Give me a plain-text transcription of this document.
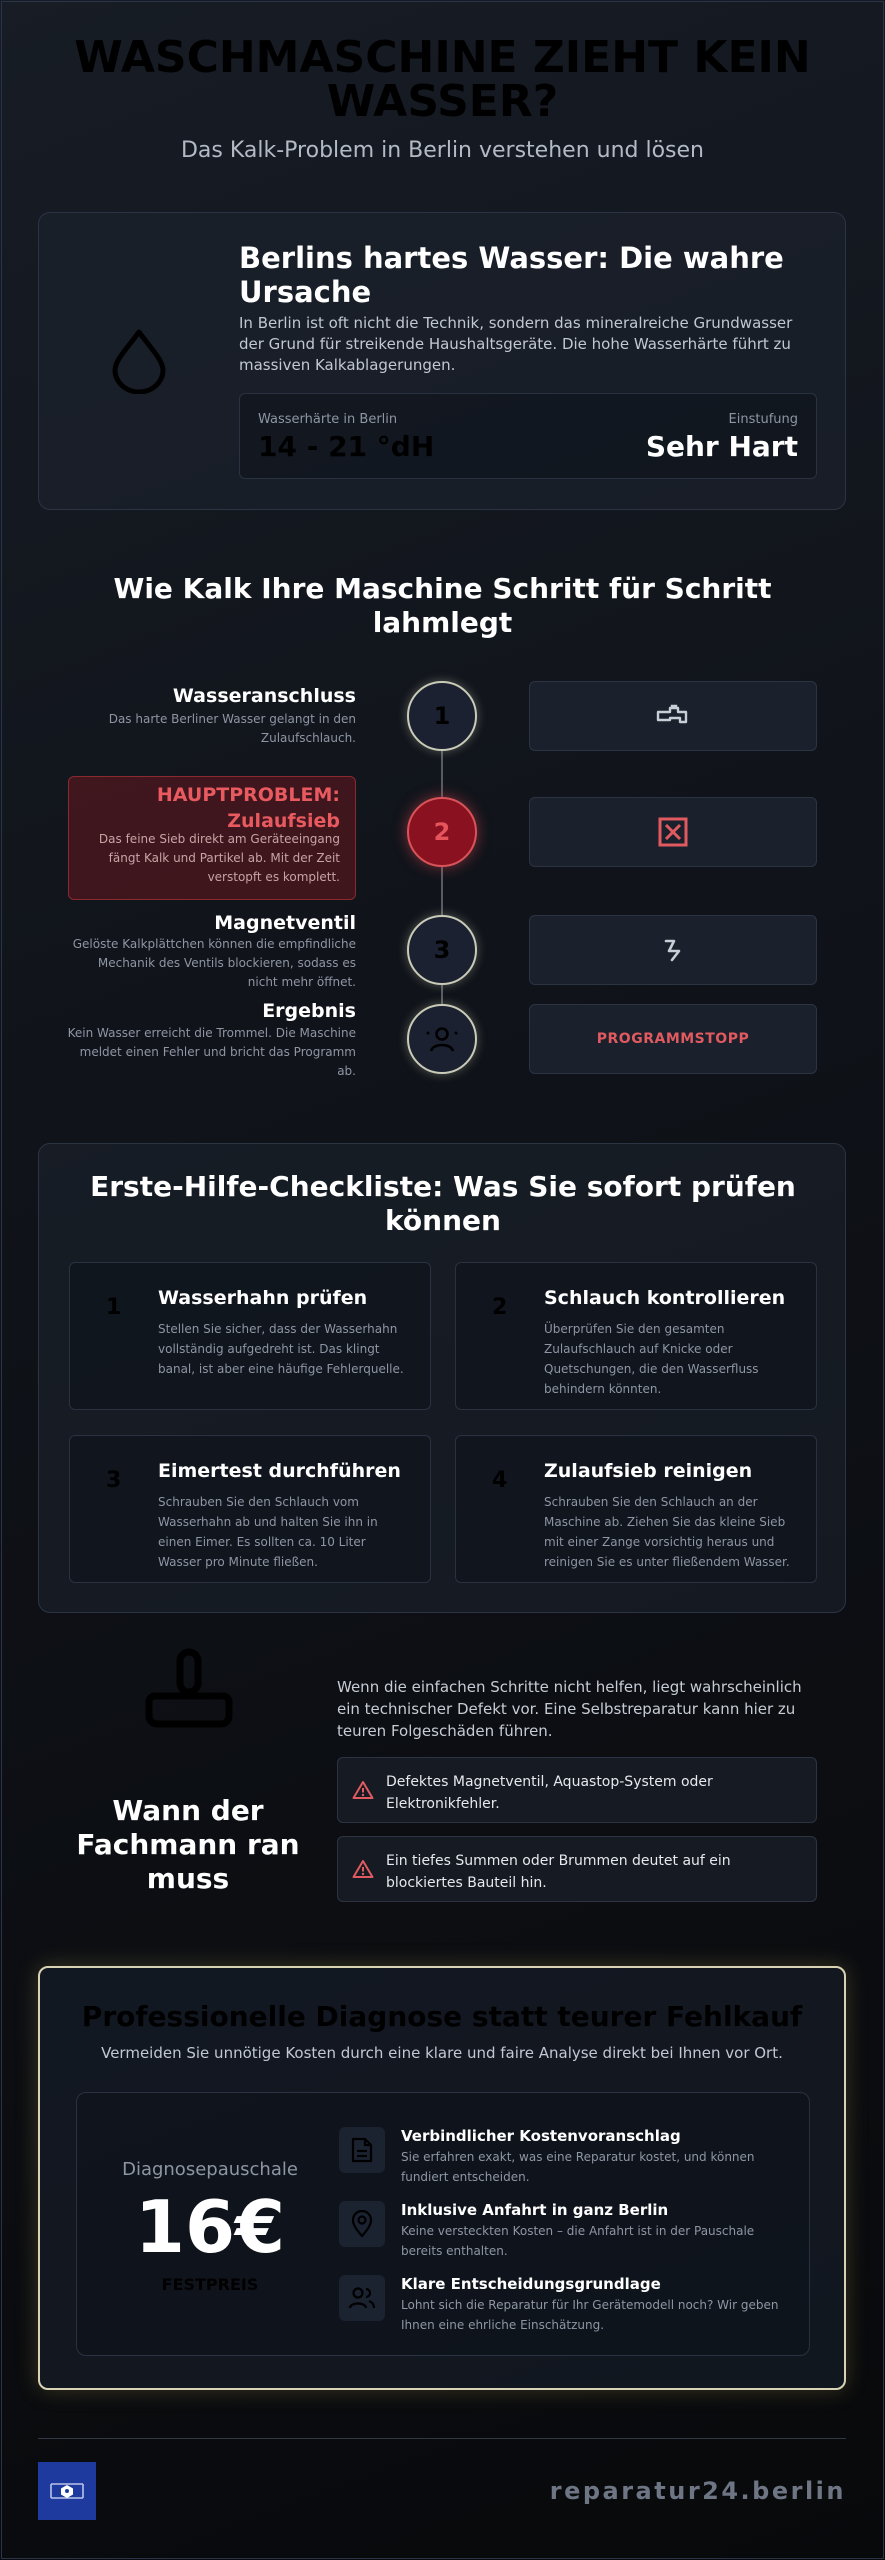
WASCHMASCHINE ZIEHT KEIN WASSER?
Das Kalk-Problem in Berlin verstehen und lösen
Berlins hartes Wasser: Die wahre Ursache
In Berlin ist oft nicht die Technik, sondern das mineralreiche Grundwasser der Grund für streikende Haushaltsgeräte. Die hohe Wasserhärte führt zu massiven Kalkablagerungen.
Wasserhärte in Berlin
14 - 21 °dH
Einstufung
Sehr Hart
Wie Kalk Ihre Maschine Schritt für Schritt lahmlegt
Wasseranschluss
Das harte Berliner Wasser gelangt in den Zulaufschlauch.
1
HAUPTPROBLEM: Zulaufsieb
Das feine Sieb direkt am Geräteeingang fängt Kalk und Partikel ab. Mit der Zeit verstopft es komplett.
2
Magnetventil
Gelöste Kalkplättchen können die empfindliche Mechanik des Ventils blockieren, sodass es nicht mehr öffnet.
3
Ergebnis
Kein Wasser erreicht die Trommel. Die Maschine meldet einen Fehler und bricht das Programm ab.
PROGRAMMSTOPP
Erste-Hilfe-Checkliste: Was Sie sofort prüfen können
1 Wasserhahn prüfen
Stellen Sie sicher, dass der Wasserhahn vollständig aufgedreht ist. Das klingt banal, ist aber eine häufige Fehlerquelle.
2 Schlauch kontrollieren
Überprüfen Sie den gesamten Zulaufschlauch auf Knicke oder Quetschungen, die den Wasserfluss behindern könnten.
3 Eimertest durchführen
Schrauben Sie den Schlauch vom Wasserhahn ab und halten Sie ihn in einen Eimer. Es sollten ca. 10 Liter Wasser pro Minute fließen.
4 Zulaufsieb reinigen
Schrauben Sie den Schlauch an der Maschine ab. Ziehen Sie das kleine Sieb mit einer Zange vorsichtig heraus und reinigen Sie es unter fließendem Wasser.
Wann der Fachmann ran muss
Wenn die einfachen Schritte nicht helfen, liegt wahrscheinlich ein technischer Defekt vor. Eine Selbstreparatur kann hier zu teuren Folgeschäden führen.
Defektes Magnetventil, Aquastop-System oder Elektronikfehler.
Ein tiefes Summen oder Brummen deutet auf ein blockiertes Bauteil hin.
Professionelle Diagnose statt teurer Fehlkauf
Vermeiden Sie unnötige Kosten durch eine klare und faire Analyse direkt bei Ihnen vor Ort.
Diagnosepauschale
16€
FESTPREIS
Verbindlicher Kostenvoranschlag
Sie erfahren exakt, was eine Reparatur kostet, und können fundiert entscheiden.
Inklusive Anfahrt in ganz Berlin
Keine versteckten Kosten – die Anfahrt ist in der Pauschale bereits enthalten.
Klare Entscheidungsgrundlage
Lohnt sich die Reparatur für Ihr Gerätemodell noch? Wir geben Ihnen eine ehrliche Einschätzung.
reparatur24.berlin
